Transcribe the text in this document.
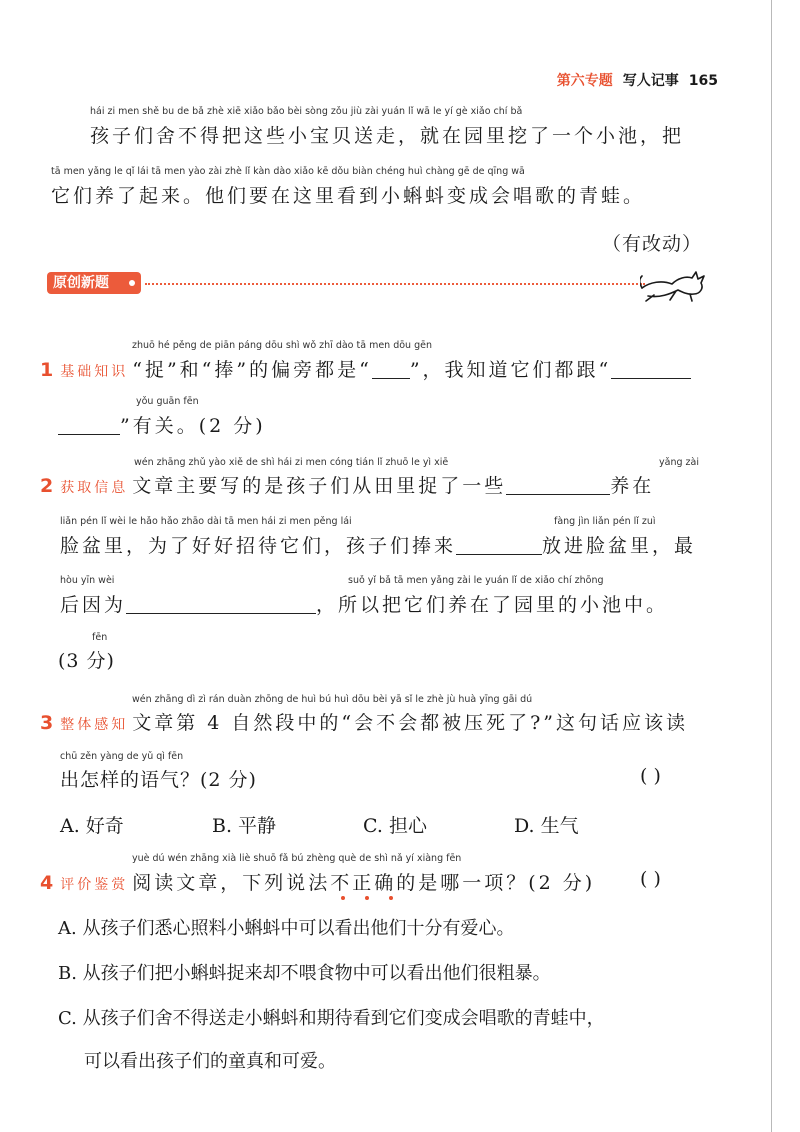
第六专题 写人记事 165
hái zi men shě bu de bǎ zhè xiē xiǎo bǎo bèi sòng zǒu jiù zài yuán lǐ wā le yí gè xiǎo chí bǎ
孩子们舍不得把这些小宝贝送走，就在园里挖了一个小池，把
tā men yǎng le qǐ lái tā men yào zài zhè lǐ kàn dào xiǎo kē dǒu biàn chéng huì chàng gē de qīng wā
它们养了起来。他们要在这里看到小蝌蚪变成会唱歌的青蛙。
（有改动）
原创新题
zhuō hé pěng de piān páng dōu shì wǒ zhī dào tā men dōu gēn
1 基础知识 “捉”和“捧”的偏旁都是“ ”，我知道它们都跟“
yǒu guān fēn
”有关。(2 分)
wén zhāng zhǔ yào xiě de shì hái zi men cóng tián lǐ zhuō le yì xiē	yǎng zài
2 获取信息 文章主要写的是孩子们从田里捉了一些	养在
liǎn pén lǐ wèi le hǎo hǎo zhāo dài tā men hái zi men pěng lái	fàng jìn liǎn pén lǐ zuì
脸盆里，为了好好招待它们，孩子们捧来	放进脸盆里，最
hòu yīn wèi	suǒ yǐ bǎ tā men yǎng zài le yuán lǐ de xiǎo chí zhōng
后因为	，所以把它们养在了园里的小池中。
fēn
(3 分)
wén zhāng dì zì rán duàn zhōng de huì bú huì dōu bèi yā sǐ le zhè jù huà yīng gāi dú
3 整体感知 文章第 4 自然段中的“会不会都被压死了?”这句话应该读
chū zěn yàng de yǔ qì fēn
出怎样的语气？(2 分)	( )
A. 好奇	B. 平静	C. 担心	D. 生气
yuè dú wén zhāng xià liè shuō fǎ bú zhèng què de shì nǎ yí xiàng fēn
4 评价鉴赏 阅读文章，下列说法不正确的是哪一项？(2 分) ( )
A. 从孩子们悉心照料小蝌蚪中可以看出他们十分有爱心。
B. 从孩子们把小蝌蚪捉来却不喂食物中可以看出他们很粗暴。
C. 从孩子们舍不得送走小蝌蚪和期待看到它们变成会唱歌的青蛙中，
可以看出孩子们的童真和可爱。
